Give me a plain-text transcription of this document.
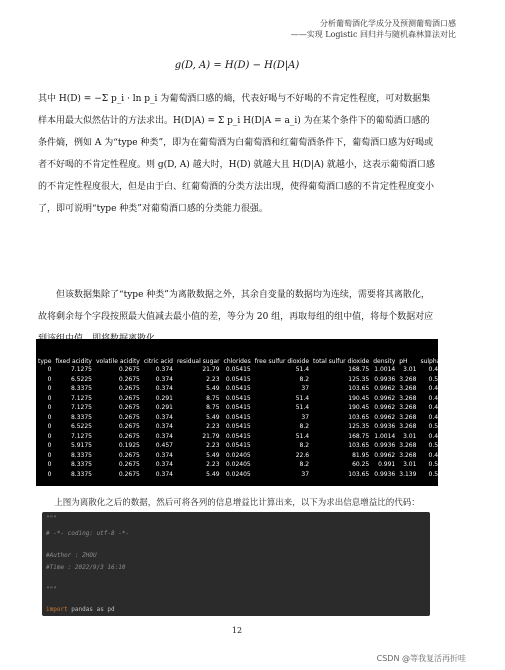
分析葡萄酒化学成分及预测葡萄酒口感
——实现 Logistic 回归并与随机森林算法对比
g(D, A) = H(D) − H(D|A)
其中 H(D) = −Σ p_i · ln p_i 为葡萄酒口感的熵，代表好喝与不好喝的不肯定性程度，可对数据集样本用最大似然估计的方法求出。H(D|A) = Σ p_i H(D|A = a_i) 为在某个条件下的葡萄酒口感的条件熵，例如 A 为“type 种类”，即为在葡萄酒为白葡萄酒和红葡萄酒条件下，葡萄酒口感为好喝或者不好喝的不肯定性程度。则 g(D, A) 越大时，H(D) 就越大且 H(D|A) 就越小，这表示葡萄酒口感的不肯定性程度很大，但是由于白、红葡萄酒的分类方法出现，使得葡萄酒口感的不肯定性程度变小了，即可说明“type 种类”对葡萄酒口感的分类能力很强。
但该数据集除了“type 种类”为离散数据之外，其余自变量的数据均为连续，需要将其离散化，故将剩余每个字段按照最大值减去最小值的差，等分为 20 组，再取每组的组中值，将每个数据对应
type	fixed acidity	volatile acidity	citric acid	residual sugar	chlorides	free sulfur dioxide	total sulfur dioxide	density	pH	sulphates	alcohol	quality
0	7.1275	0.2675	0.374	21.79	0.05415	51.4	168.75	1.0014	3.01	0.4435	8.8625	1
0	6.5225	0.2675	0.374	2.23	0.05415	8.2	125.35	0.9936	3.268	0.5315	9.5525	1
0	8.3375	0.2675	0.374	5.49	0.05415	37	103.65	0.9962	3.268	0.4435	10.2425	1
0	7.1275	0.2675	0.291	8.75	0.05415	51.4	190.45	0.9962	3.268	0.4435	9.8975	1
0	7.1275	0.2675	0.291	8.75	0.05415	51.4	190.45	0.9962	3.268	0.4435	9.8975	1
0	8.3375	0.2675	0.374	5.49	0.05415	37	103.65	0.9962	3.268	0.4435	10.243	1
0	6.5225	0.2675	0.374	2.23	0.05415	8.2	125.35	0.9936	3.268	0.5315	9.5525	1
0	7.1275	0.2675	0.374	21.79	0.05415	51.4	168.75	1.0014	3.01	0.4435	8.8625	1
0	5.9175	0.1925	0.457	2.23	0.05415	8.2	103.65	0.9936	3.268	0.5315	9.5525	1
0	8.3375	0.2675	0.374	5.49	0.02405	22.6	81.95	0.9962	3.268	0.4435	10.243	1
0	8.3375	0.2675	0.374	2.23	0.02405	8.2	60.25	0.991	3.01	0.5315	11.968	0
0	8.3375	0.2675	0.374	5.49	0.02405	37	103.65	0.9936	3.139	0.5315	9.5525	0
上图为离散化之后的数据，然后可将各列的信息增益比计算出来，以下为求出信息增益比的代码：
"""
# -*- coding: utf-8 -*-
#Author : ZHOU
#Time : 2022/9/3 16:10
"""
import pandas as pd
12
CSDN @等我复活再折哇
